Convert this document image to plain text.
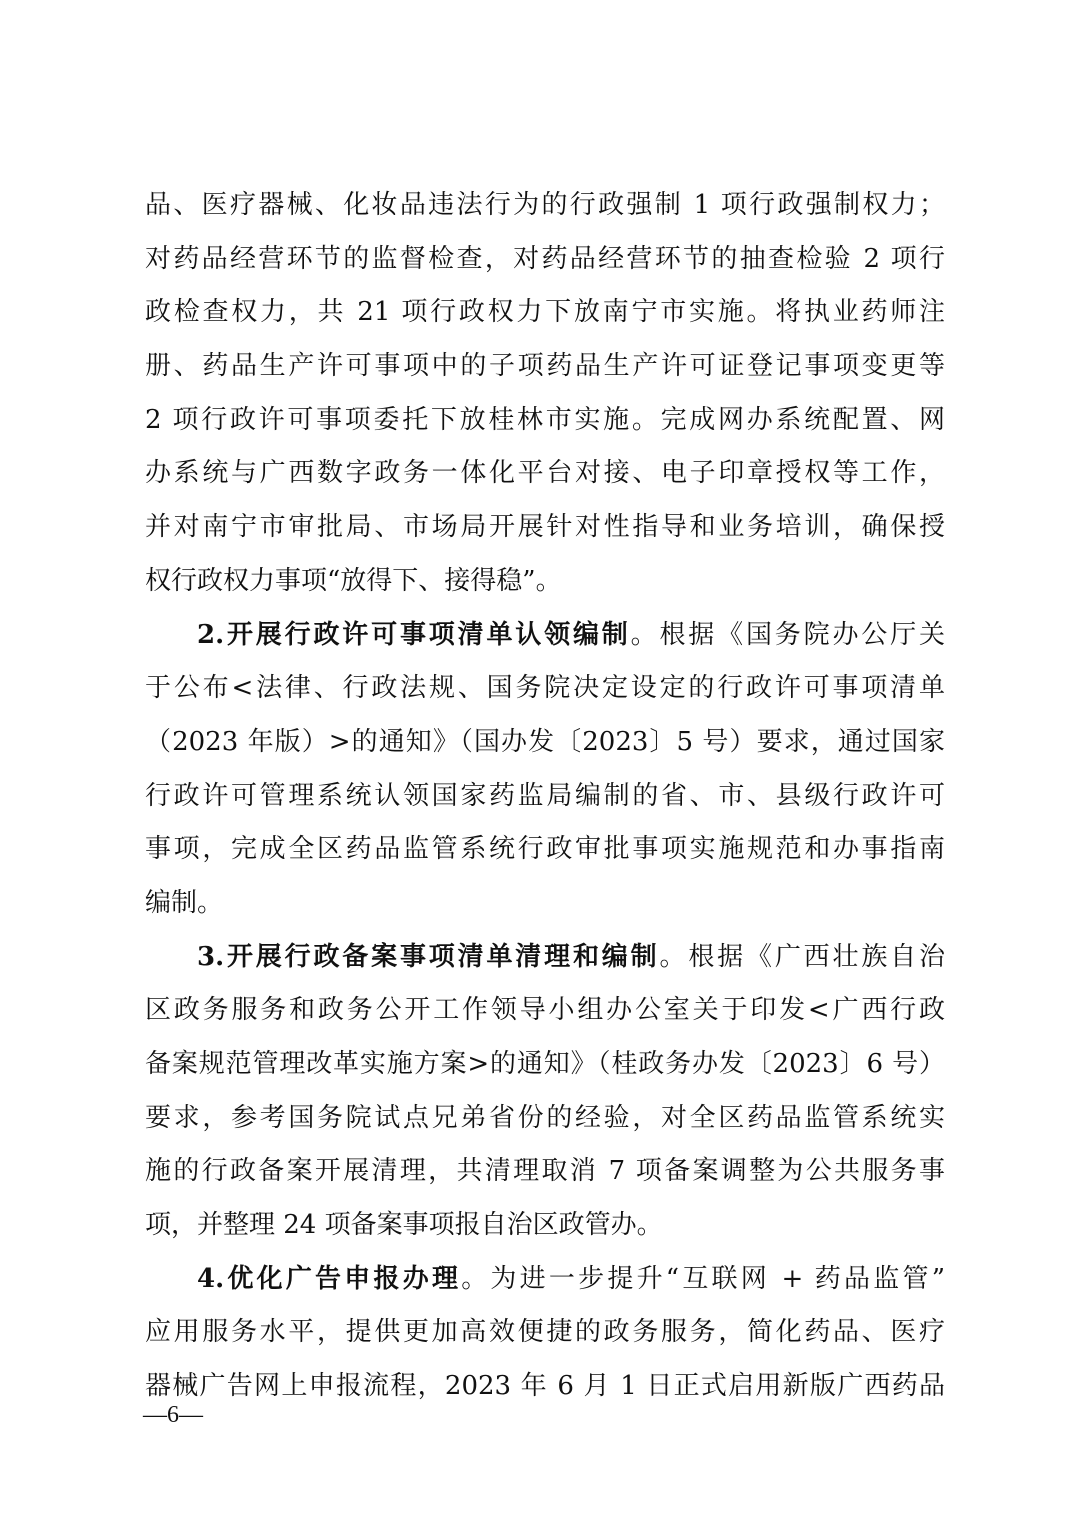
品、医疗器械、化妆品违法行为的行政强制 1 项行政强制权力；
对药品经营环节的监督检查，对药品经营环节的抽查检验 2 项行
政检查权力，共 21 项行政权力下放南宁市实施。将执业药师注
册、药品生产许可事项中的子项药品生产许可证登记事项变更等
2 项行政许可事项委托下放桂林市实施。完成网办系统配置、网
办系统与广西数字政务一体化平台对接、电子印章授权等工作，
并对南宁市审批局、市场局开展针对性指导和业务培训，确保授
权行政权力事项“放得下、接得稳”。
2.开展行政许可事项清单认领编制。根据《国务院办公厅关
于公布<法律、行政法规、国务院决定设定的行政许可事项清单
（2023 年版）>的通知》（国办发〔2023〕5 号）要求，通过国家
行政许可管理系统认领国家药监局编制的省、市、县级行政许可
事项，完成全区药品监管系统行政审批事项实施规范和办事指南
编制。
3.开展行政备案事项清单清理和编制。根据《广西壮族自治
区政务服务和政务公开工作领导小组办公室关于印发<广西行政
备案规范管理改革实施方案>的通知》（桂政务办发〔2023〕6 号）
要求，参考国务院试点兄弟省份的经验，对全区药品监管系统实
施的行政备案开展清理，共清理取消 7 项备案调整为公共服务事
项，并整理 24 项备案事项报自治区政管办。
4.优化广告申报办理。为进一步提升“互联网 + 药品监管”
应用服务水平，提供更加高效便捷的政务服务，简化药品、医疗
器械广告网上申报流程，2023 年 6 月 1 日正式启用新版广西药品
—6—
